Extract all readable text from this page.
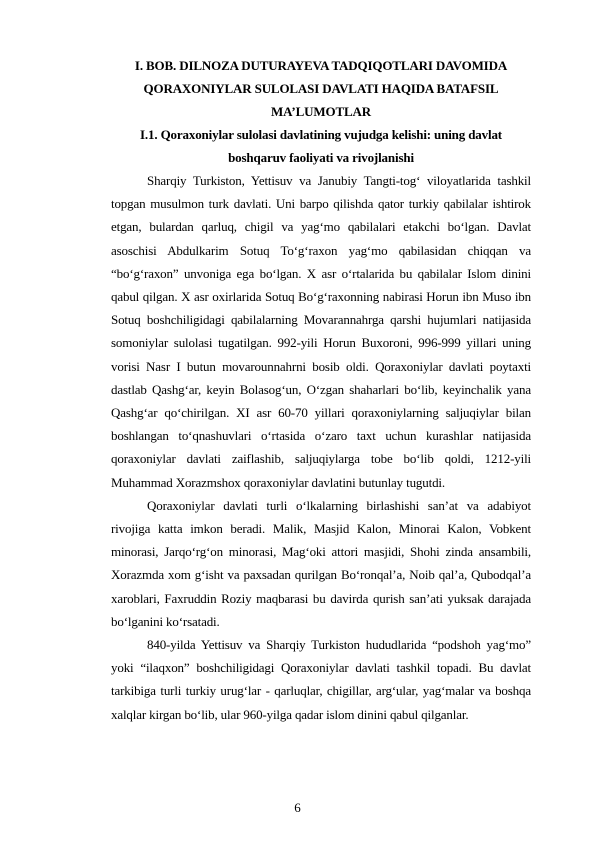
I. BOB. DILNOZA DUTURAYEVA TADQIQOTLARI DAVOMIDA QORAXONIYLAR SULOLASI DAVLATI HAQIDA BATAFSIL MA’LUMOTLAR
I.1. Qoraxoniylar sulolasi davlatining vujudga kelishi: uning davlat boshqaruv faoliyati va rivojlanishi

Sharqiy Turkiston, Yettisuv va Janubiy Tangti-tog‘ viloyatlarida tashkil topgan musulmon turk davlati. Uni barpo qilishda qator turkiy qabilalar ishtirok etgan, bulardan qarluq, chigil va yag‘mo qabilalari etakchi bo‘lgan. Davlat asoschisi Abdulkarim Sotuq To‘g‘raxon yag‘mo qabilasidan chiqqan va “bo‘g‘raxon” unvoniga ega bo‘lgan. X asr o‘rtalarida bu qabilalar Islom dinini qabul qilgan. X asr oxirlarida Sotuq Bo‘g‘raxonning nabirasi Horun ibn Muso ibn Sotuq boshchiligidagi qabilalarning Movarannahrga qarshi hujumlari natijasida somoniylar sulolasi tugatilgan. 992-yili Horun Buxoroni, 996-999 yillari uning vorisi Nasr I butun movarounnahrni bosib oldi. Qoraxoniylar davlati poytaxti dastlab Qashg‘ar, keyin Bolasog‘un, O‘zgan shaharlari bo‘lib, keyinchalik yana Qashg‘ar qo‘chirilgan. XI asr 60-70 yillari qoraxoniylarning saljuqiylar bilan boshlangan to‘qnashuvlari o‘rtasida o‘zaro taxt uchun kurashlar natijasida qoraxoniylar davlati zaiflashib, saljuqiylarga tobe bo‘lib qoldi, 1212-yili Muhammad Xorazmshox qoraxoniylar davlatini butunlay tugutdi.

Qoraxoniylar davlati turli o‘lkalarning birlashishi san’at va adabiyot rivojiga katta imkon beradi. Malik, Masjid Kalon, Minorai Kalon, Vobkent minorasi, Jarqo‘rg‘on minorasi, Mag‘oki attori masjidi, Shohi zinda ansambili, Xorazmda xom g‘isht va paxsadan qurilgan Bo‘ronqal’a, Noib qal’a, Qubodqal’a xaroblari, Faxruddin Roziy maqbarasi bu davirda qurish san’ati yuksak darajada bo‘lganini ko‘rsatadi.

840-yilda Yettisuv va Sharqiy Turkiston hududlarida “podshoh yag‘mo” yoki “ilaqxon” boshchiligidagi Qoraxoniylar davlati tashkil topadi. Bu davlat tarkibiga turli turkiy urug‘lar - qarluqlar, chigillar, arg‘ular, yag‘malar va boshqa xalqlar kirgan bo‘lib, ular 960-yilga qadar islom dinini qabul qilganlar.

6
